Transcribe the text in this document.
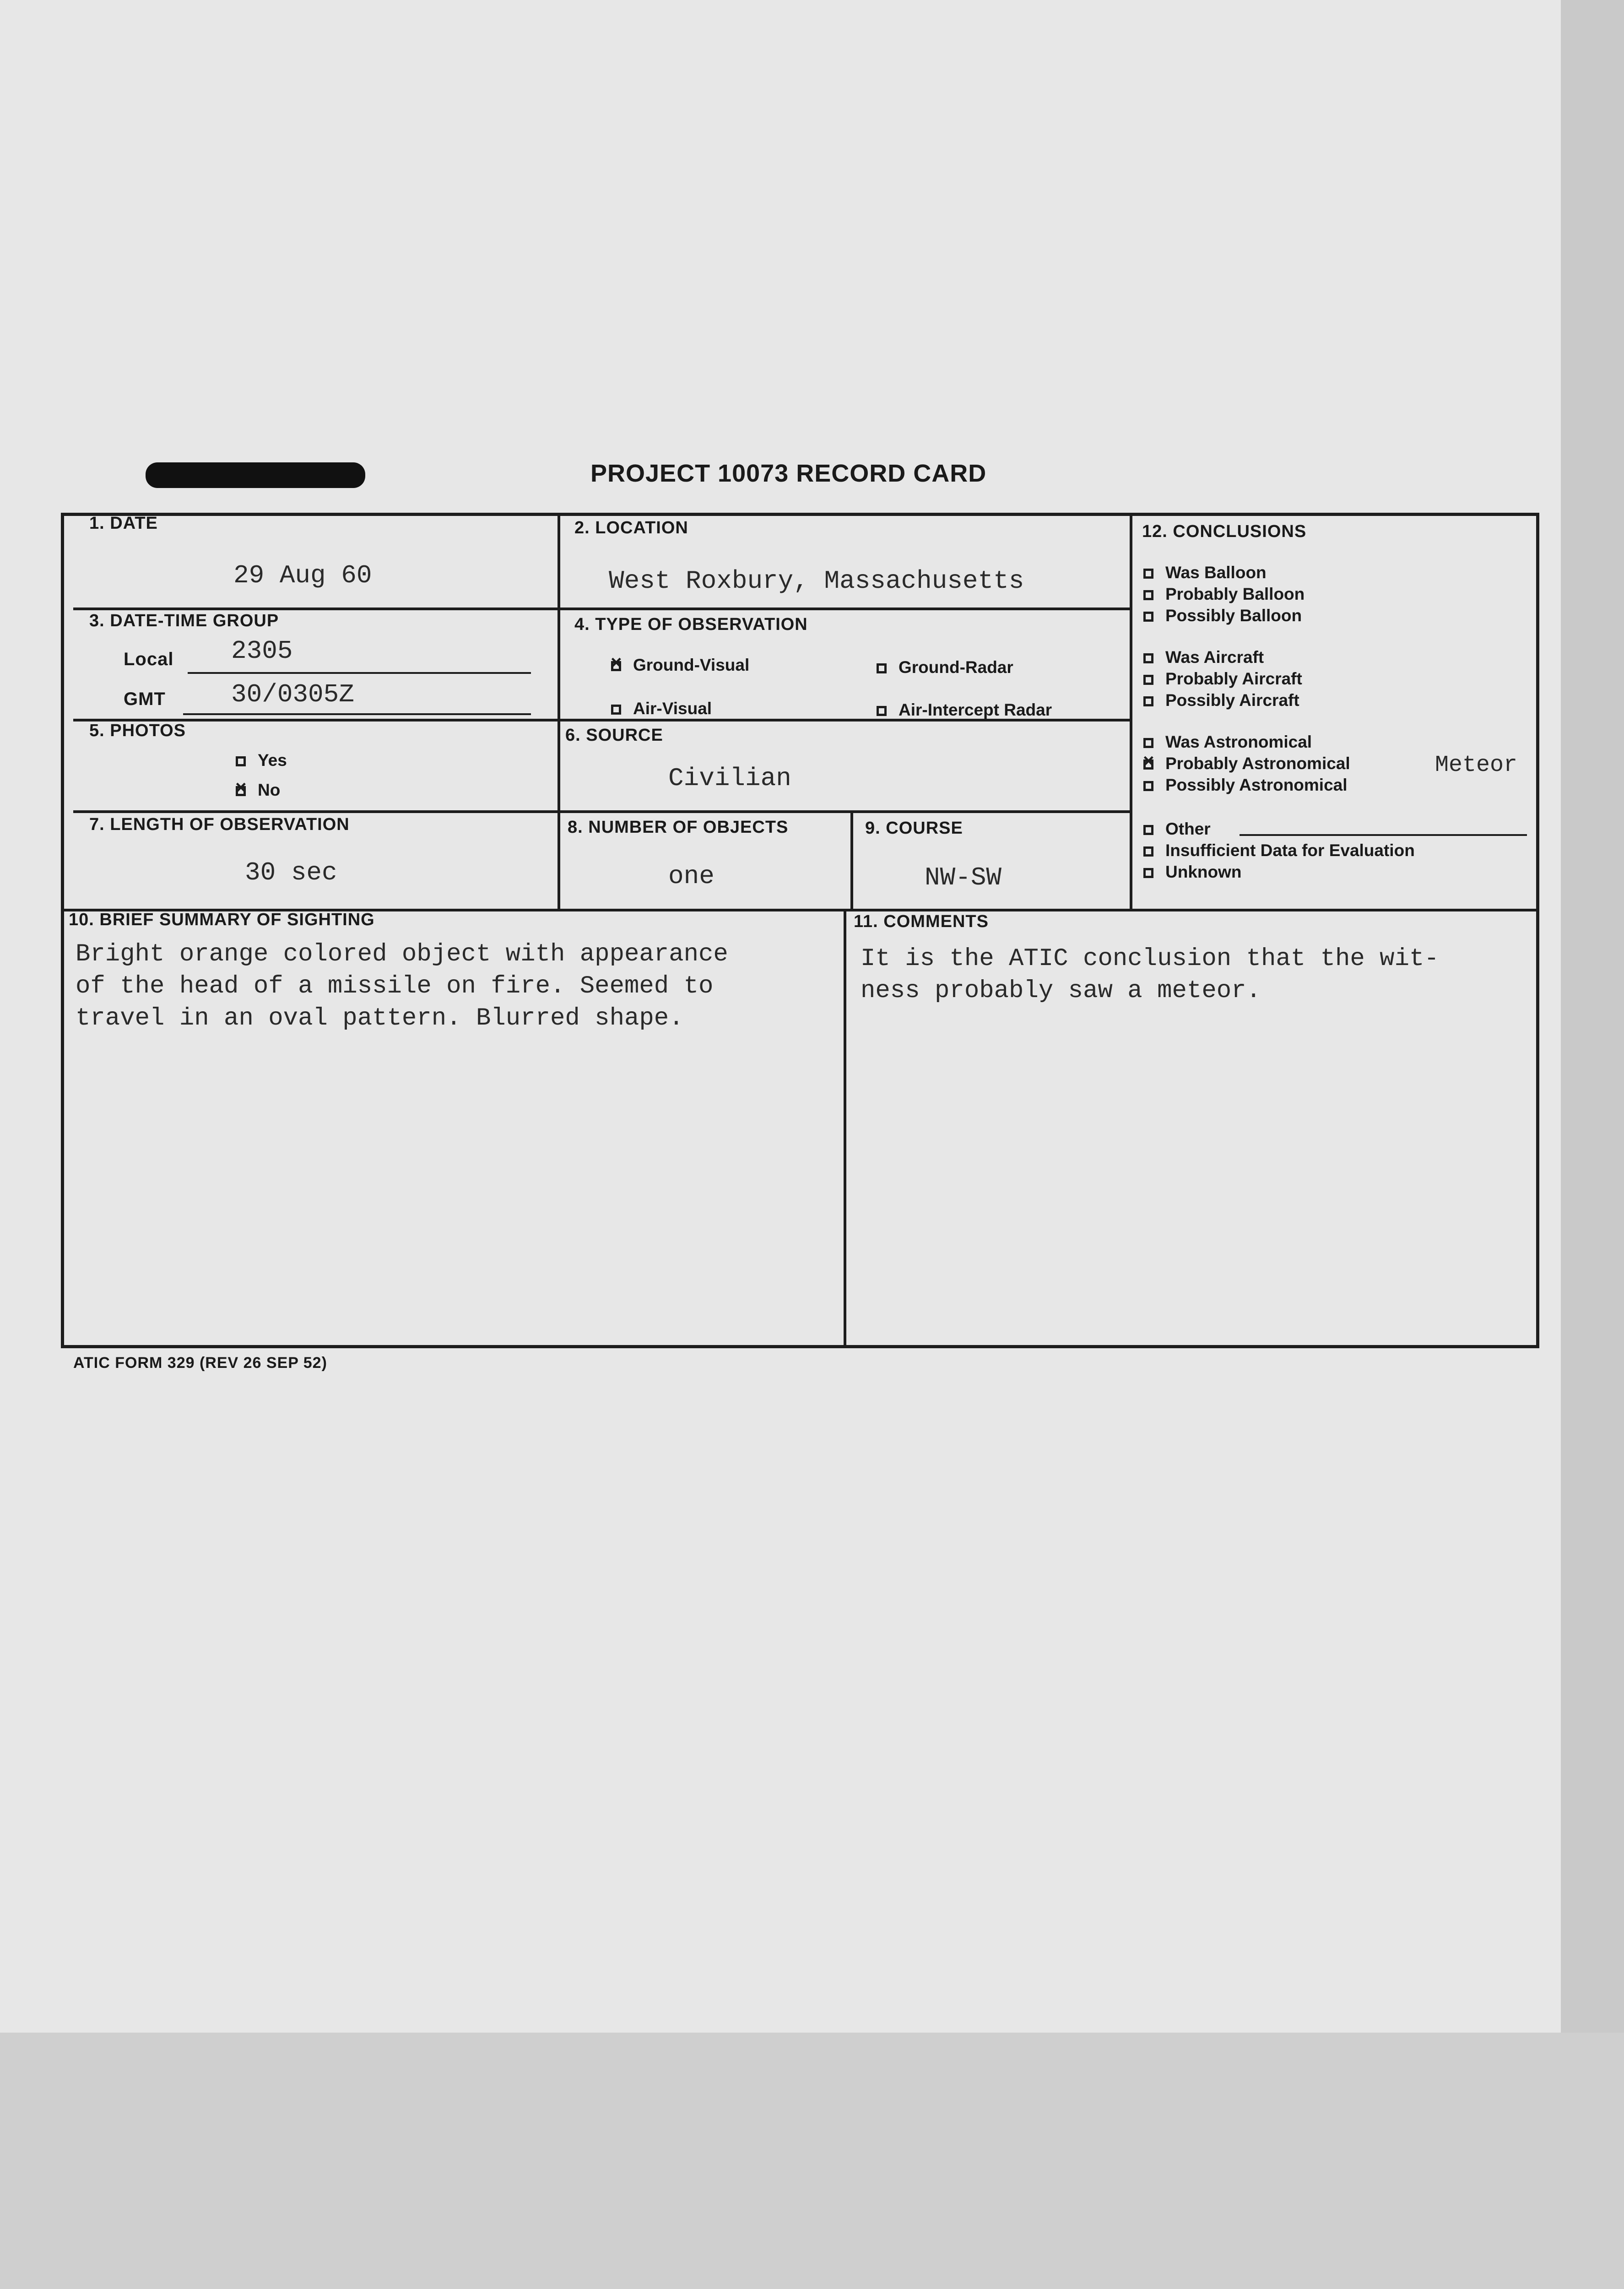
PROJECT 10073 RECORD CARD
1. DATE
29 Aug 60
2. LOCATION
West Roxbury, Massachusetts
3. DATE-TIME GROUP
Local 2305
GMT	30/0305Z
4. TYPE OF OBSERVATION
×Ground-Visual	Ground-Radar
Air-Visual	Air-Intercept Radar
5. PHOTOS
Yes
×No
6. SOURCE
Civilian
7. LENGTH OF OBSERVATION
30 sec
8. NUMBER OF OBJECTS
one
9. COURSE
NW-SW
12. CONCLUSIONS
Was Balloon
Probably Balloon
Possibly Balloon
Was Aircraft
Probably Aircraft
Possibly Aircraft
Was Astronomical
×Probably Astronomical
Possibly Astronomical
Meteor
Other
Insufficient Data for Evaluation
Unknown
10. BRIEF SUMMARY OF SIGHTING
Bright orange colored object with appearance
of the head of a missile on fire. Seemed to
travel in an oval pattern. Blurred shape.
11. COMMENTS
It is the ATIC conclusion that the wit-
ness probably saw a meteor.
ATIC FORM 329 (REV 26 SEP 52)
